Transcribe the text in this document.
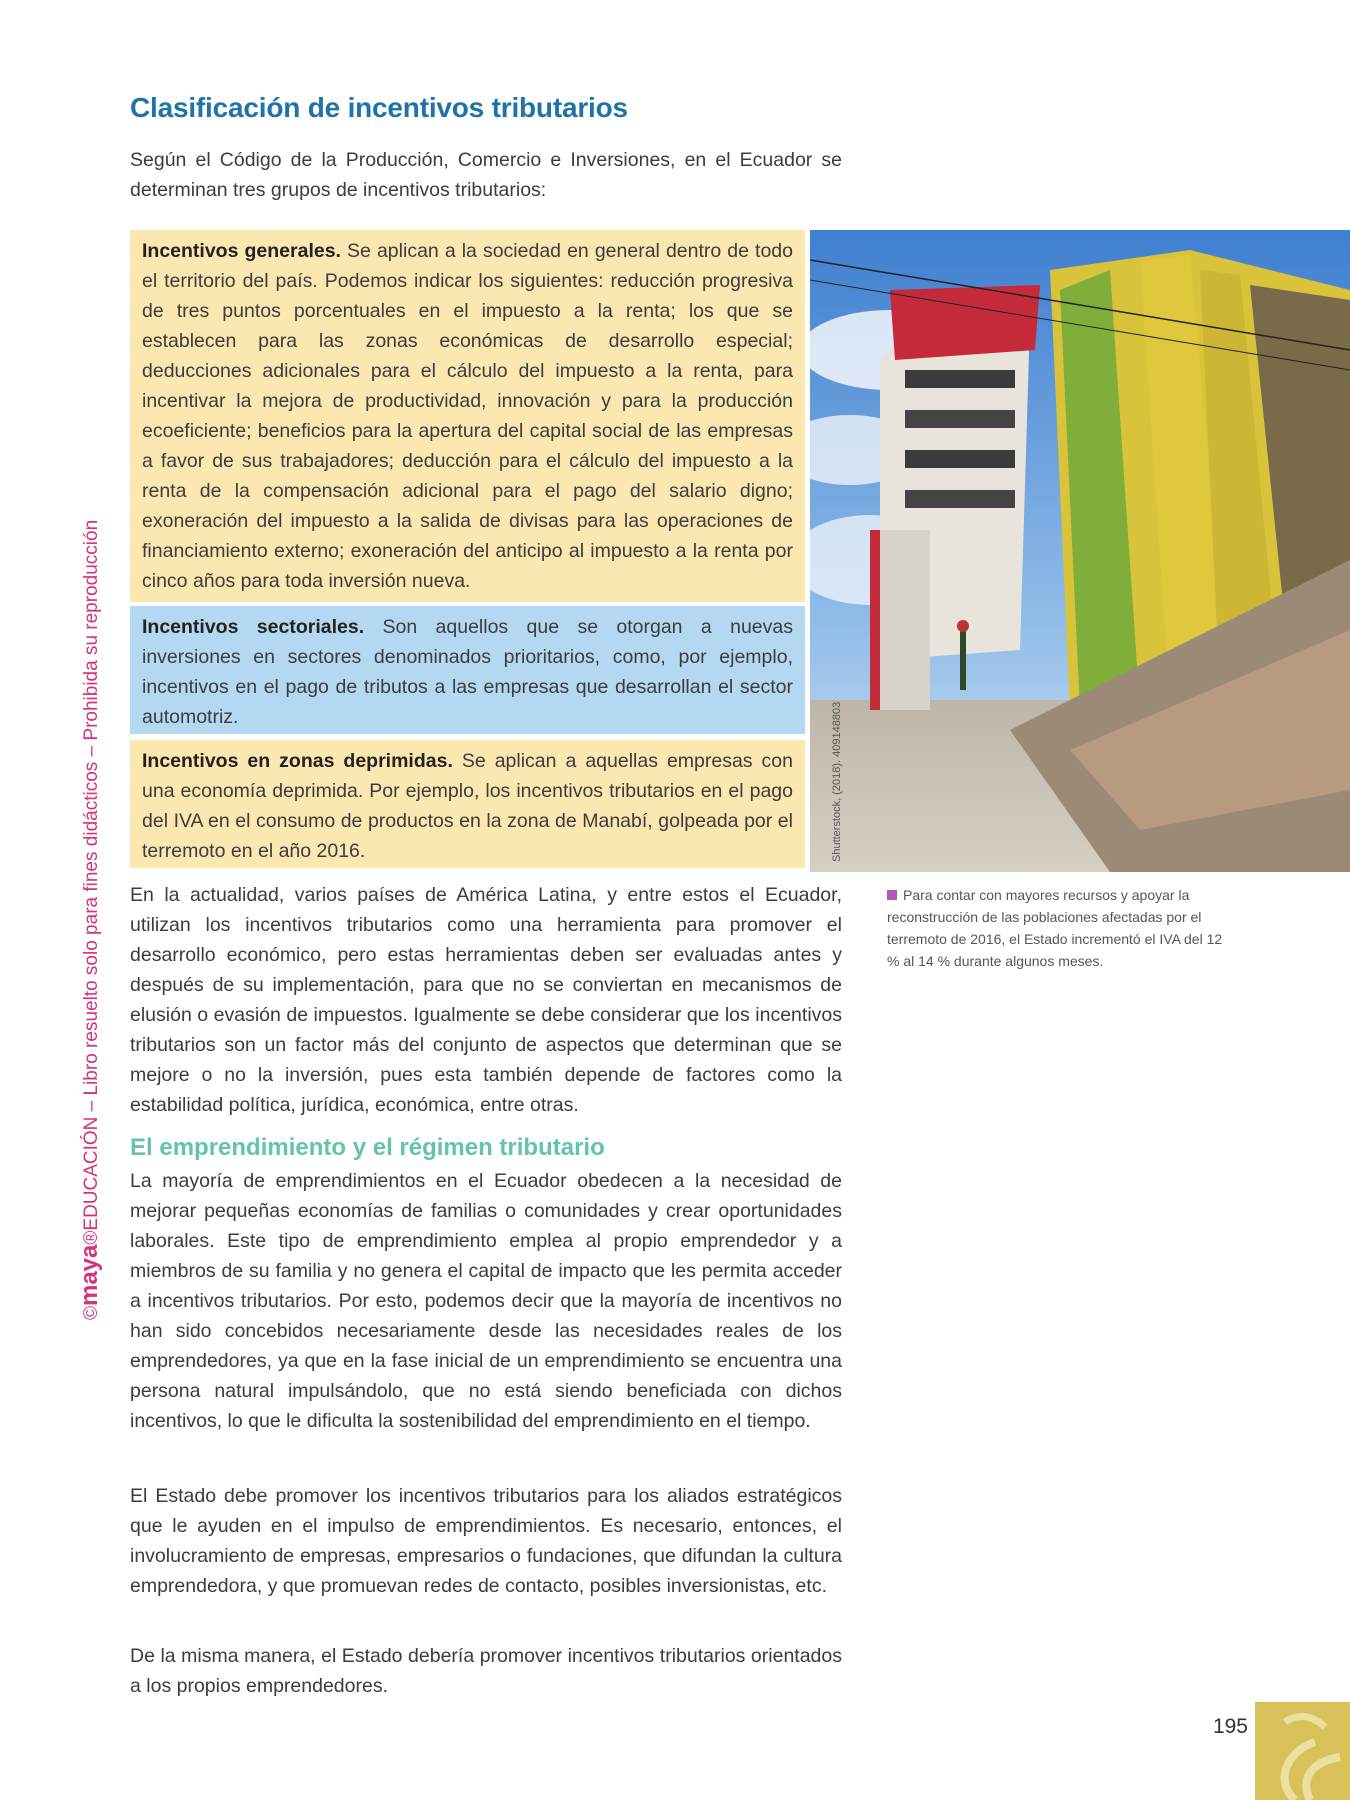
Clasificación de incentivos tributarios

Según el Código de la Producción, Comercio e Inversiones, en el Ecuador se determinan tres grupos de incentivos tributarios:

Incentivos generales. Se aplican a la sociedad en general dentro de todo el territorio del país. Podemos indicar los siguientes: reducción progresiva de tres puntos porcentuales en el impuesto a la renta; los que se establecen para las zonas económicas de desarrollo especial; deducciones adicionales para el cálculo del impuesto a la renta, para incentivar la mejora de productividad, innovación y para la producción ecoeficiente; beneficios para la apertura del capital social de las empresas a favor de sus trabajadores; deducción para el cálculo del impuesto a la renta de la compensación adicional para el pago del salario digno; exoneración del impuesto a la salida de divisas para las operaciones de financiamiento externo; exoneración del anticipo al impuesto a la renta por cinco años para toda inversión nueva.

Incentivos sectoriales. Son aquellos que se otorgan a nuevas inversiones en sectores denominados prioritarios, como, por ejemplo, incentivos en el pago de tributos a las empresas que desarrollan el sector automotriz.

Incentivos en zonas deprimidas. Se aplican a aquellas empresas con una economía deprimida. Por ejemplo, los incentivos tributarios en el pago del IVA en el consumo de productos en la zona de Manabí, golpeada por el terremoto en el año 2016.	Shutterstock, (2018). 409148803

Para contar con mayores recursos y apoyar la reconstrucción de las poblaciones afectadas por el terremoto de 2016, el Estado incrementó el IVA del 12 % al 14 % durante algunos meses.

En la actualidad, varios países de América Latina, y entre estos el Ecuador, utilizan los incentivos tributarios como una herramienta para promover el desarrollo económico, pero estas herramientas deben ser evaluadas antes y después de su implementación, para que no se conviertan en mecanismos de elusión o evasión de impuestos. Igualmente se debe considerar que los incentivos tributarios son un factor más del conjunto de aspectos que determinan que se mejore o no la inversión, pues esta también depende de factores como la estabilidad política, jurídica, económica, entre otras.

El emprendimiento y el régimen tributario

La mayoría de emprendimientos en el Ecuador obedecen a la necesidad de mejorar pequeñas economías de familias o comunidades y crear oportunidades laborales. Este tipo de emprendimiento emplea al propio emprendedor y a miembros de su familia y no genera el capital de impacto que les permita acceder a incentivos tributarios. Por esto, podemos decir que la mayoría de incentivos no han sido concebidos necesariamente desde las necesidades reales de los emprendedores, ya que en la fase inicial de un emprendimiento se encuentra una persona natural impulsándolo, que no está siendo beneficiada con dichos incentivos, lo que le dificulta la sostenibilidad del emprendimiento en el tiempo.

El Estado debe promover los incentivos tributarios para los aliados estratégicos que le ayuden en el impulso de emprendimientos. Es necesario, entonces, el involucramiento de empresas, empresarios o fundaciones, que difundan la cultura emprendedora, y que promuevan redes de contacto, posibles inversionistas, etc.

De la misma manera, el Estado debería promover incentivos tributarios orientados a los propios emprendedores.

©maya®EDUCACIÓN – Libro resuelto solo para fines didácticos – Prohibida su reproducción
195
